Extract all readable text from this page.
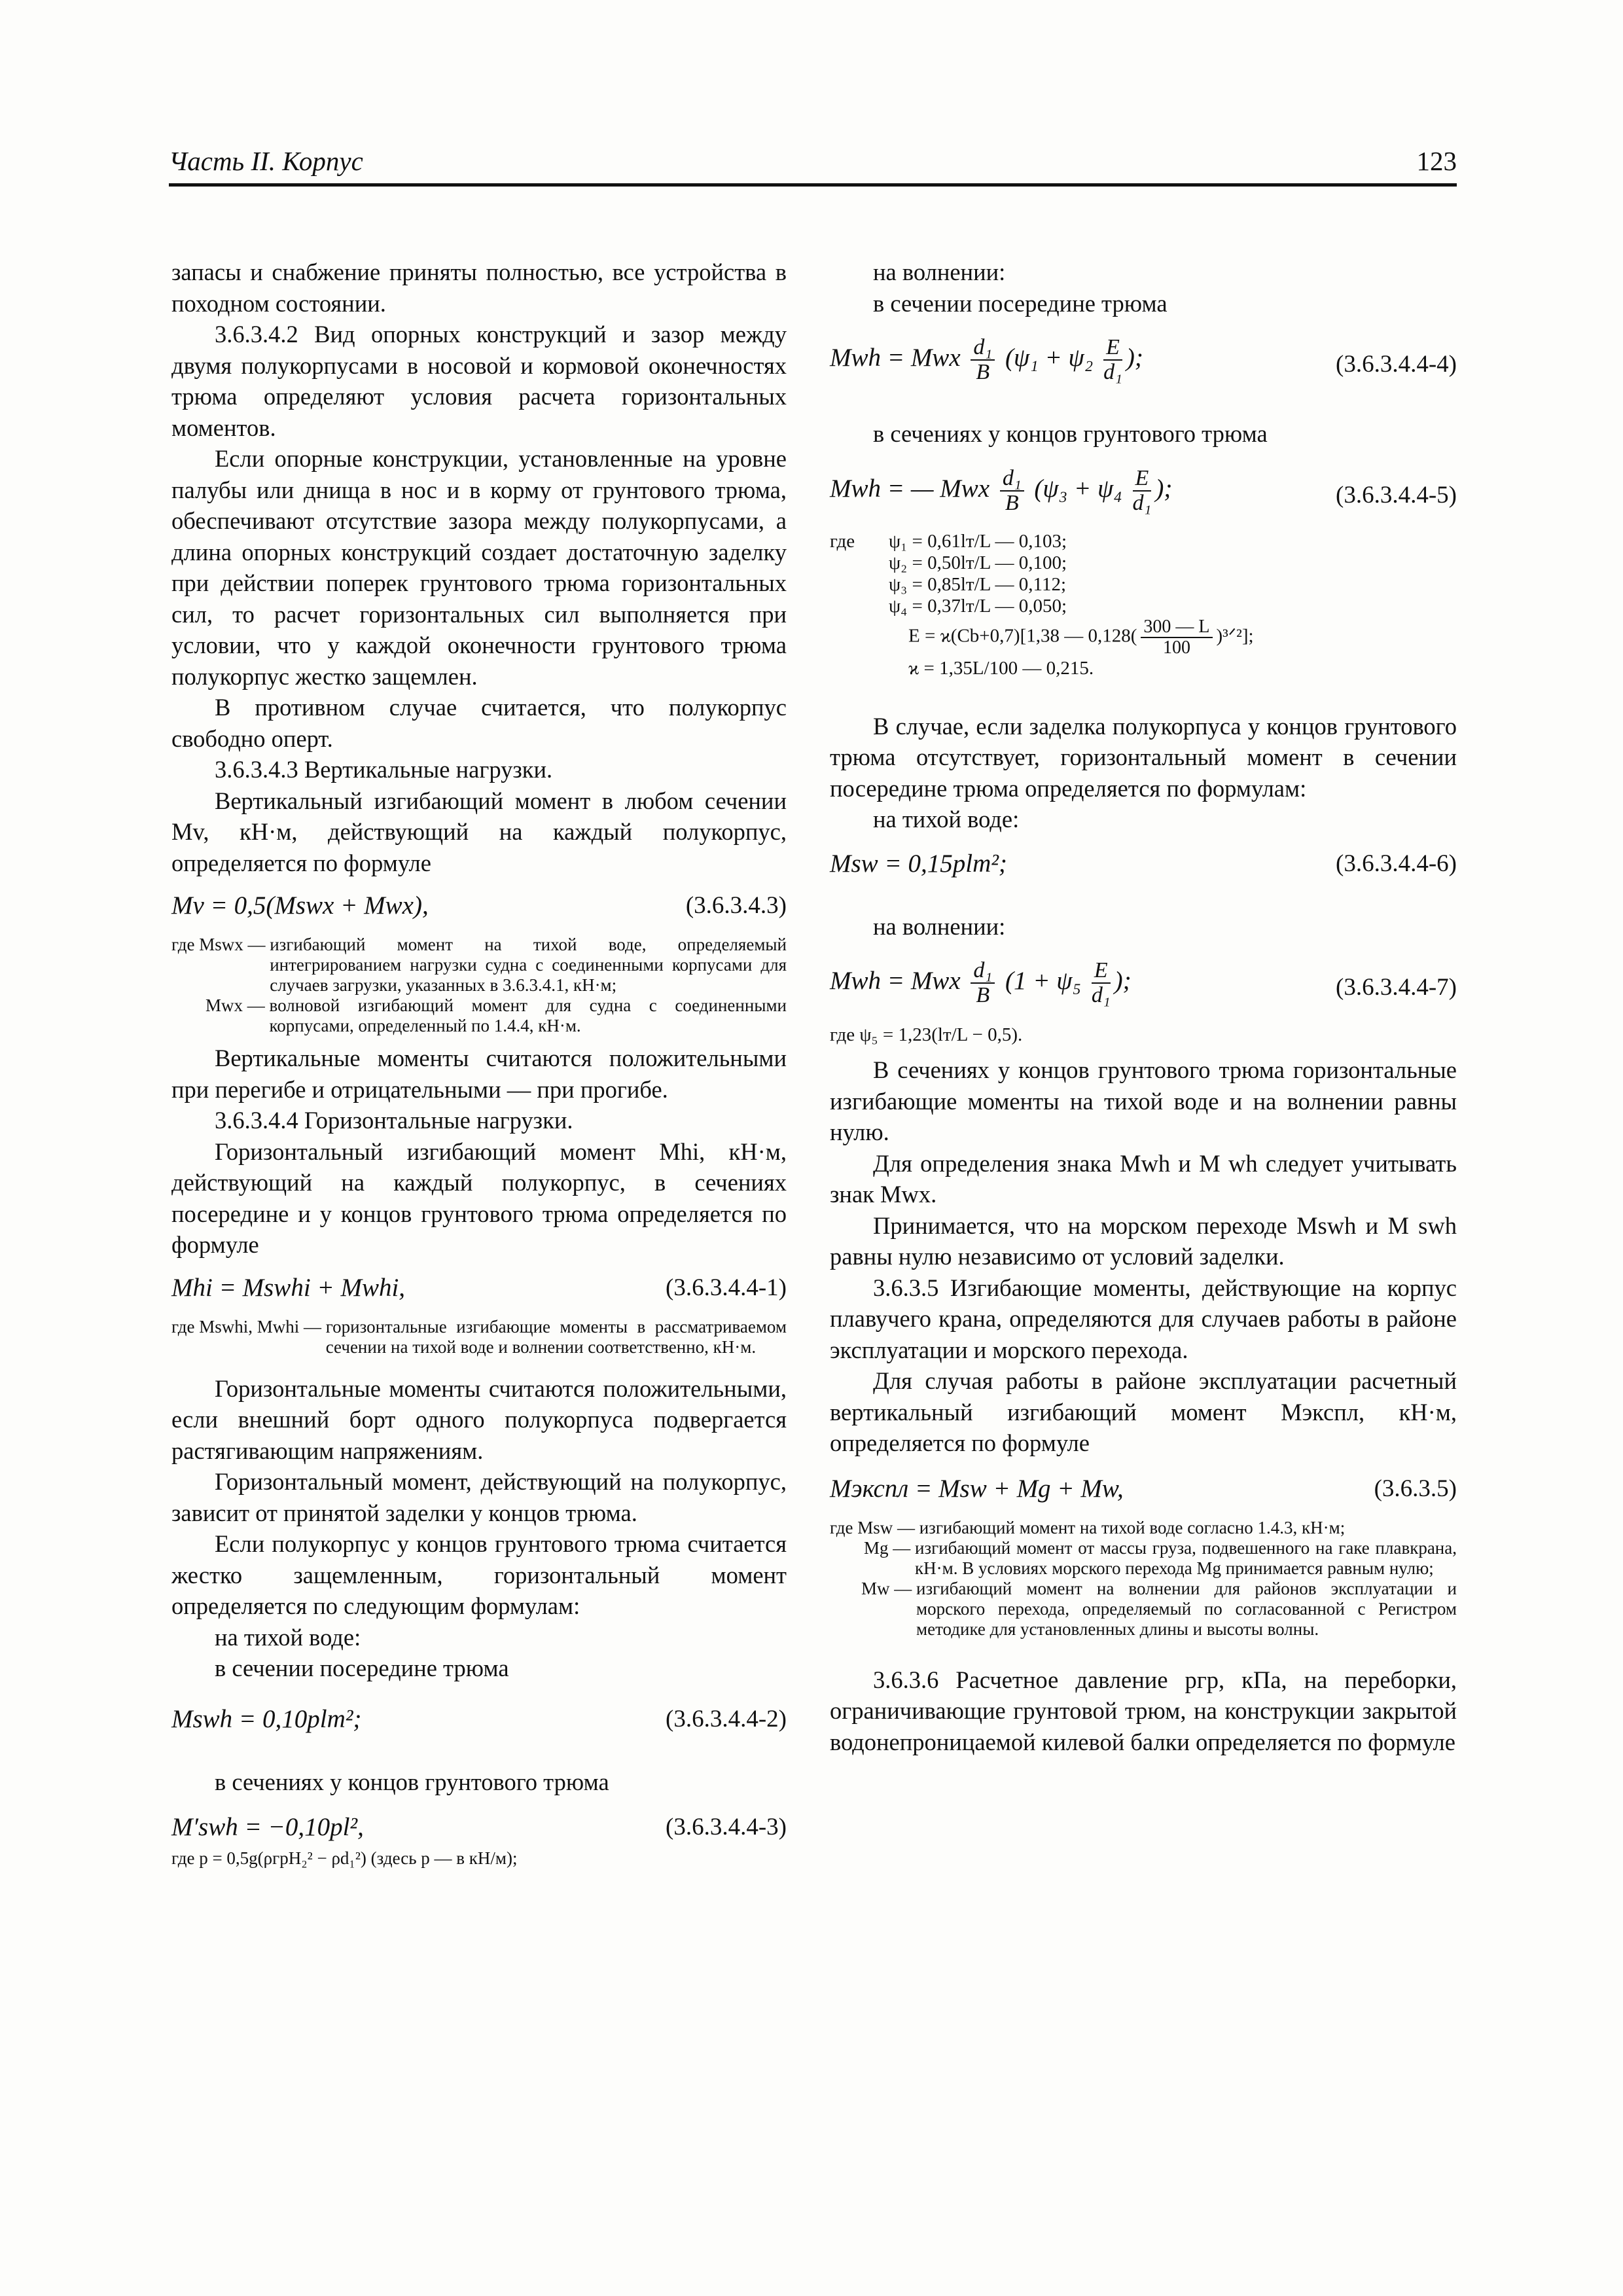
Часть II. Корпус	123

запасы и снабжение приняты полностью, все устройства в походном состоянии.

3.6.3.4.2 Вид опорных конструкций и зазор между двумя полукорпусами в носовой и кормовой оконечностях трюма определяют условия расчета горизонтальных моментов.

Если опорные конструкции, установленные на уровне палубы или днища в нос и в корму от грунтового трюма, обеспечивают отсутствие зазора между полукорпусами, а длина опорных конструкций создает достаточную заделку при действии поперек грунтового трюма горизонтальных сил, то расчет горизонтальных сил выполняется при условии, что у каждой оконечности грунтового трюма полукорпус жестко защемлен.

В противном случае считается, что полукорпус свободно оперт.

3.6.3.4.3 Вертикальные нагрузки.

Вертикальный изгибающий момент в любом сечении Mv, кН·м, действующий на каждый полукорпус, определяется по формуле

Mv = 0,5(Mswx + Mwx),	(3.6.3.4.3)
где Mswx —
изгибающий момент на тихой воде, определяемый интегрированием нагрузки судна с соединенными корпусами для случаев загрузки, указанных в 3.6.3.4.1, кН·м;
Mwx —
волновой изгибающий момент для судна с соединенными корпусами, определенный по 1.4.4, кН·м.

Вертикальные моменты считаются положительными при перегибе и отрицательными — при прогибе.

3.6.3.4.4 Горизонтальные нагрузки.

Горизонтальный изгибающий момент Mhi, кН·м, действующий на каждый полукорпус, в сечениях посередине и у концов грунтового трюма определяется по формуле

Mhi = Mswhi + Mwhi,	(3.6.3.4.4-1)
где Mswhi, Mwhi —
горизонтальные изгибающие моменты в рассматриваемом сечении на тихой воде и волнении соответственно, кН·м.

Горизонтальные моменты считаются положительными, если внешний борт одного полукорпуса подвергается растягивающим напряжениям.

Горизонтальный момент, действующий на полукорпус, зависит от принятой заделки у концов трюма.

Если полукорпус у концов грунтового трюма считается жестко защемленным, горизонтальный момент определяется по следующим формулам:

на тихой воде:

в сечении посередине трюма

Mswh = 0,10plт²;	(3.6.3.4.4-2)

в сечениях у концов грунтового трюма

M′swh = −0,10pl²,	(3.6.3.4.4-3)
где p = 0,5g(ρгрH₂² − ρd₁²) (здесь p — в кН/м);

на волнении:

в сечении посередине трюма

Mwh = Mwx $\frac{\text{d₁}}{B} (\psi_1 + \psi_2 \frac{E}{\text{d₁}}$ );	(3.6.3.4.4-4)

в сечениях у концов грунтового трюма

Mwh = — Mwx $\frac{\text{d₁}}{B} (\psi_3 + \psi_4 \frac{E}{\text{d₁}}$ );	(3.6.3.4.4-5)
где ψ₁ = 0,61lт/L — 0,103;
ψ₂ = 0,50lт/L — 0,100;
ψ₃ = 0,85lт/L — 0,112;
ψ₄ = 0,37lт/L — 0,050;
E = ϰ(Cb+0,7)[1,38 — $0,128( \frac{300 — L}{100}$ )³ᐟ²];
ϰ = 1,35L/100 — 0,215.

В случае, если заделка полукорпуса у концов грунтового трюма отсутствует, горизонтальный момент в сечении посередине трюма определяется по формулам:

на тихой воде:

Msw = 0,15plт²;	(3.6.3.4.4-6)

на волнении:

Mwh = Mwx $\frac{\text{d₁}}{B} (1 + \psi_5 \frac{E}{\text{d₁}}$ );	(3.6.3.4.4-7)
где ψ₅ = 1,23(lт/L − 0,5).

В сечениях у концов грунтового трюма горизонтальные изгибающие моменты на тихой воде и на волнении равны нулю.

Для определения знака Mwh и M wh следует учитывать знак Mwx.

Принимается, что на морском переходе Mswh и M swh равны нулю независимо от условий заделки.

3.6.3.5 Изгибающие моменты, действующие на корпус плавучего крана, определяются для случаев работы в районе эксплуатации и морского перехода.

Для случая работы в районе эксплуатации расчетный вертикальный изгибающий момент Mэкспл, кН·м, определяется по формуле

Mэкспл = Msw + Mg + Mw,	(3.6.3.5)
где Msw —
изгибающий момент на тихой воде согласно 1.4.3, кН·м;
Mg —
изгибающий момент от массы груза, подвешенного на гаке плавкрана, кН·м. В условиях морского перехода Mg принимается равным нулю;
Mw —
изгибающий момент на волнении для районов эксплуатации и морского перехода, определяемый по согласованной с Регистром методике для установленных длины и высоты волны.

3.6.3.6 Расчетное давление pгр, кПа, на переборки, ограничивающие грунтовой трюм, на конструкции закрытой водонепроницаемой килевой балки определяется по формуле
